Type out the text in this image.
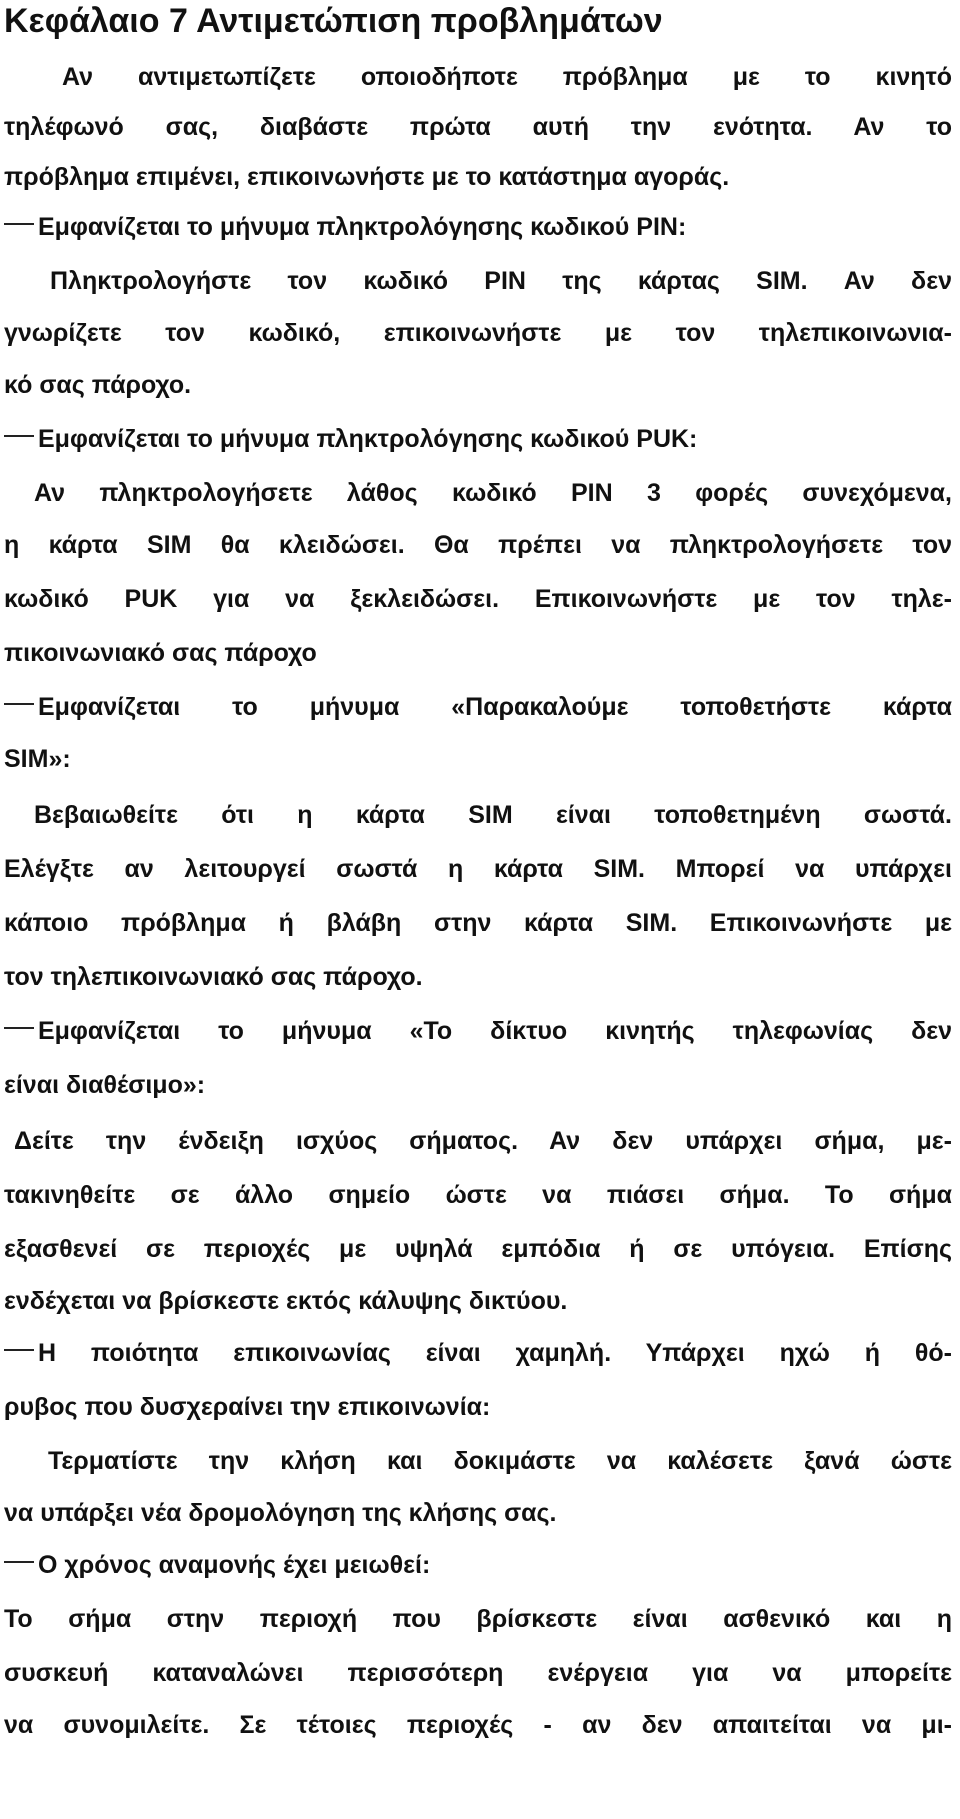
Κεφάλαιο 7 Αντιμετώπιση προβλημάτων
Αν αντιμετωπίζετε οποιοδήποτε πρόβλημα με το κινητό
τηλέφωνό σας, διαβάστε πρώτα αυτή την ενότητα. Αν το
πρόβλημα επιμένει, επικοινωνήστε με το κατάστημα αγοράς.
Εμφανίζεται το μήνυμα πληκτρολόγησης κωδικού PIN:
Πληκτρολογήστε τον κωδικό PIN της κάρτας SIM. Αν δεν
γνωρίζετε τον κωδικό, επικοινωνήστε με τον τηλεπικοινωνια-
κό σας πάροχο.
Εμφανίζεται το μήνυμα πληκτρολόγησης κωδικού PUK:
Αν πληκτρολογήσετε λάθος κωδικό PIN 3 φορές συνεχόμενα,
η κάρτα SIM θα κλειδώσει. Θα πρέπει να πληκτρολογήσετε τον
κωδικό PUK για να ξεκλειδώσει. Επικοινωνήστε με τον τηλε-
πικοινωνιακό σας πάροχο
Εμφανίζεται το μήνυμα «Παρακαλούμε τοποθετήστε κάρτα
SIM»:
Βεβαιωθείτε ότι η κάρτα SIM είναι τοποθετημένη σωστά.
Ελέγξτε αν λειτουργεί σωστά η κάρτα SIM. Μπορεί να υπάρχει
κάποιο πρόβλημα ή βλάβη στην κάρτα SIM. Επικοινωνήστε με
τον τηλεπικοινωνιακό σας πάροχο.
Εμφανίζεται το μήνυμα «Το δίκτυο κινητής τηλεφωνίας δεν
είναι διαθέσιμο»:
Δείτε την ένδειξη ισχύος σήματος. Αν δεν υπάρχει σήμα, με-
τακινηθείτε σε άλλο σημείο ώστε να πιάσει σήμα. Το σήμα
εξασθενεί σε περιοχές με υψηλά εμπόδια ή σε υπόγεια. Επίσης
ενδέχεται να βρίσκεστε εκτός κάλυψης δικτύου.
Η ποιότητα επικοινωνίας είναι χαμηλή. Υπάρχει ηχώ ή θό-
ρυβος που δυσχεραίνει την επικοινωνία:
Τερματίστε την κλήση και δοκιμάστε να καλέσετε ξανά ώστε
να υπάρξει νέα δρομολόγηση της κλήσης σας.
Ο χρόνος αναμονής έχει μειωθεί:
Το σήμα στην περιοχή που βρίσκεστε είναι ασθενικό και η
συσκευή καταναλώνει περισσότερη ενέργεια για να μπορείτε
να συνομιλείτε. Σε τέτοιες περιοχές - αν δεν απαιτείται να μι-
